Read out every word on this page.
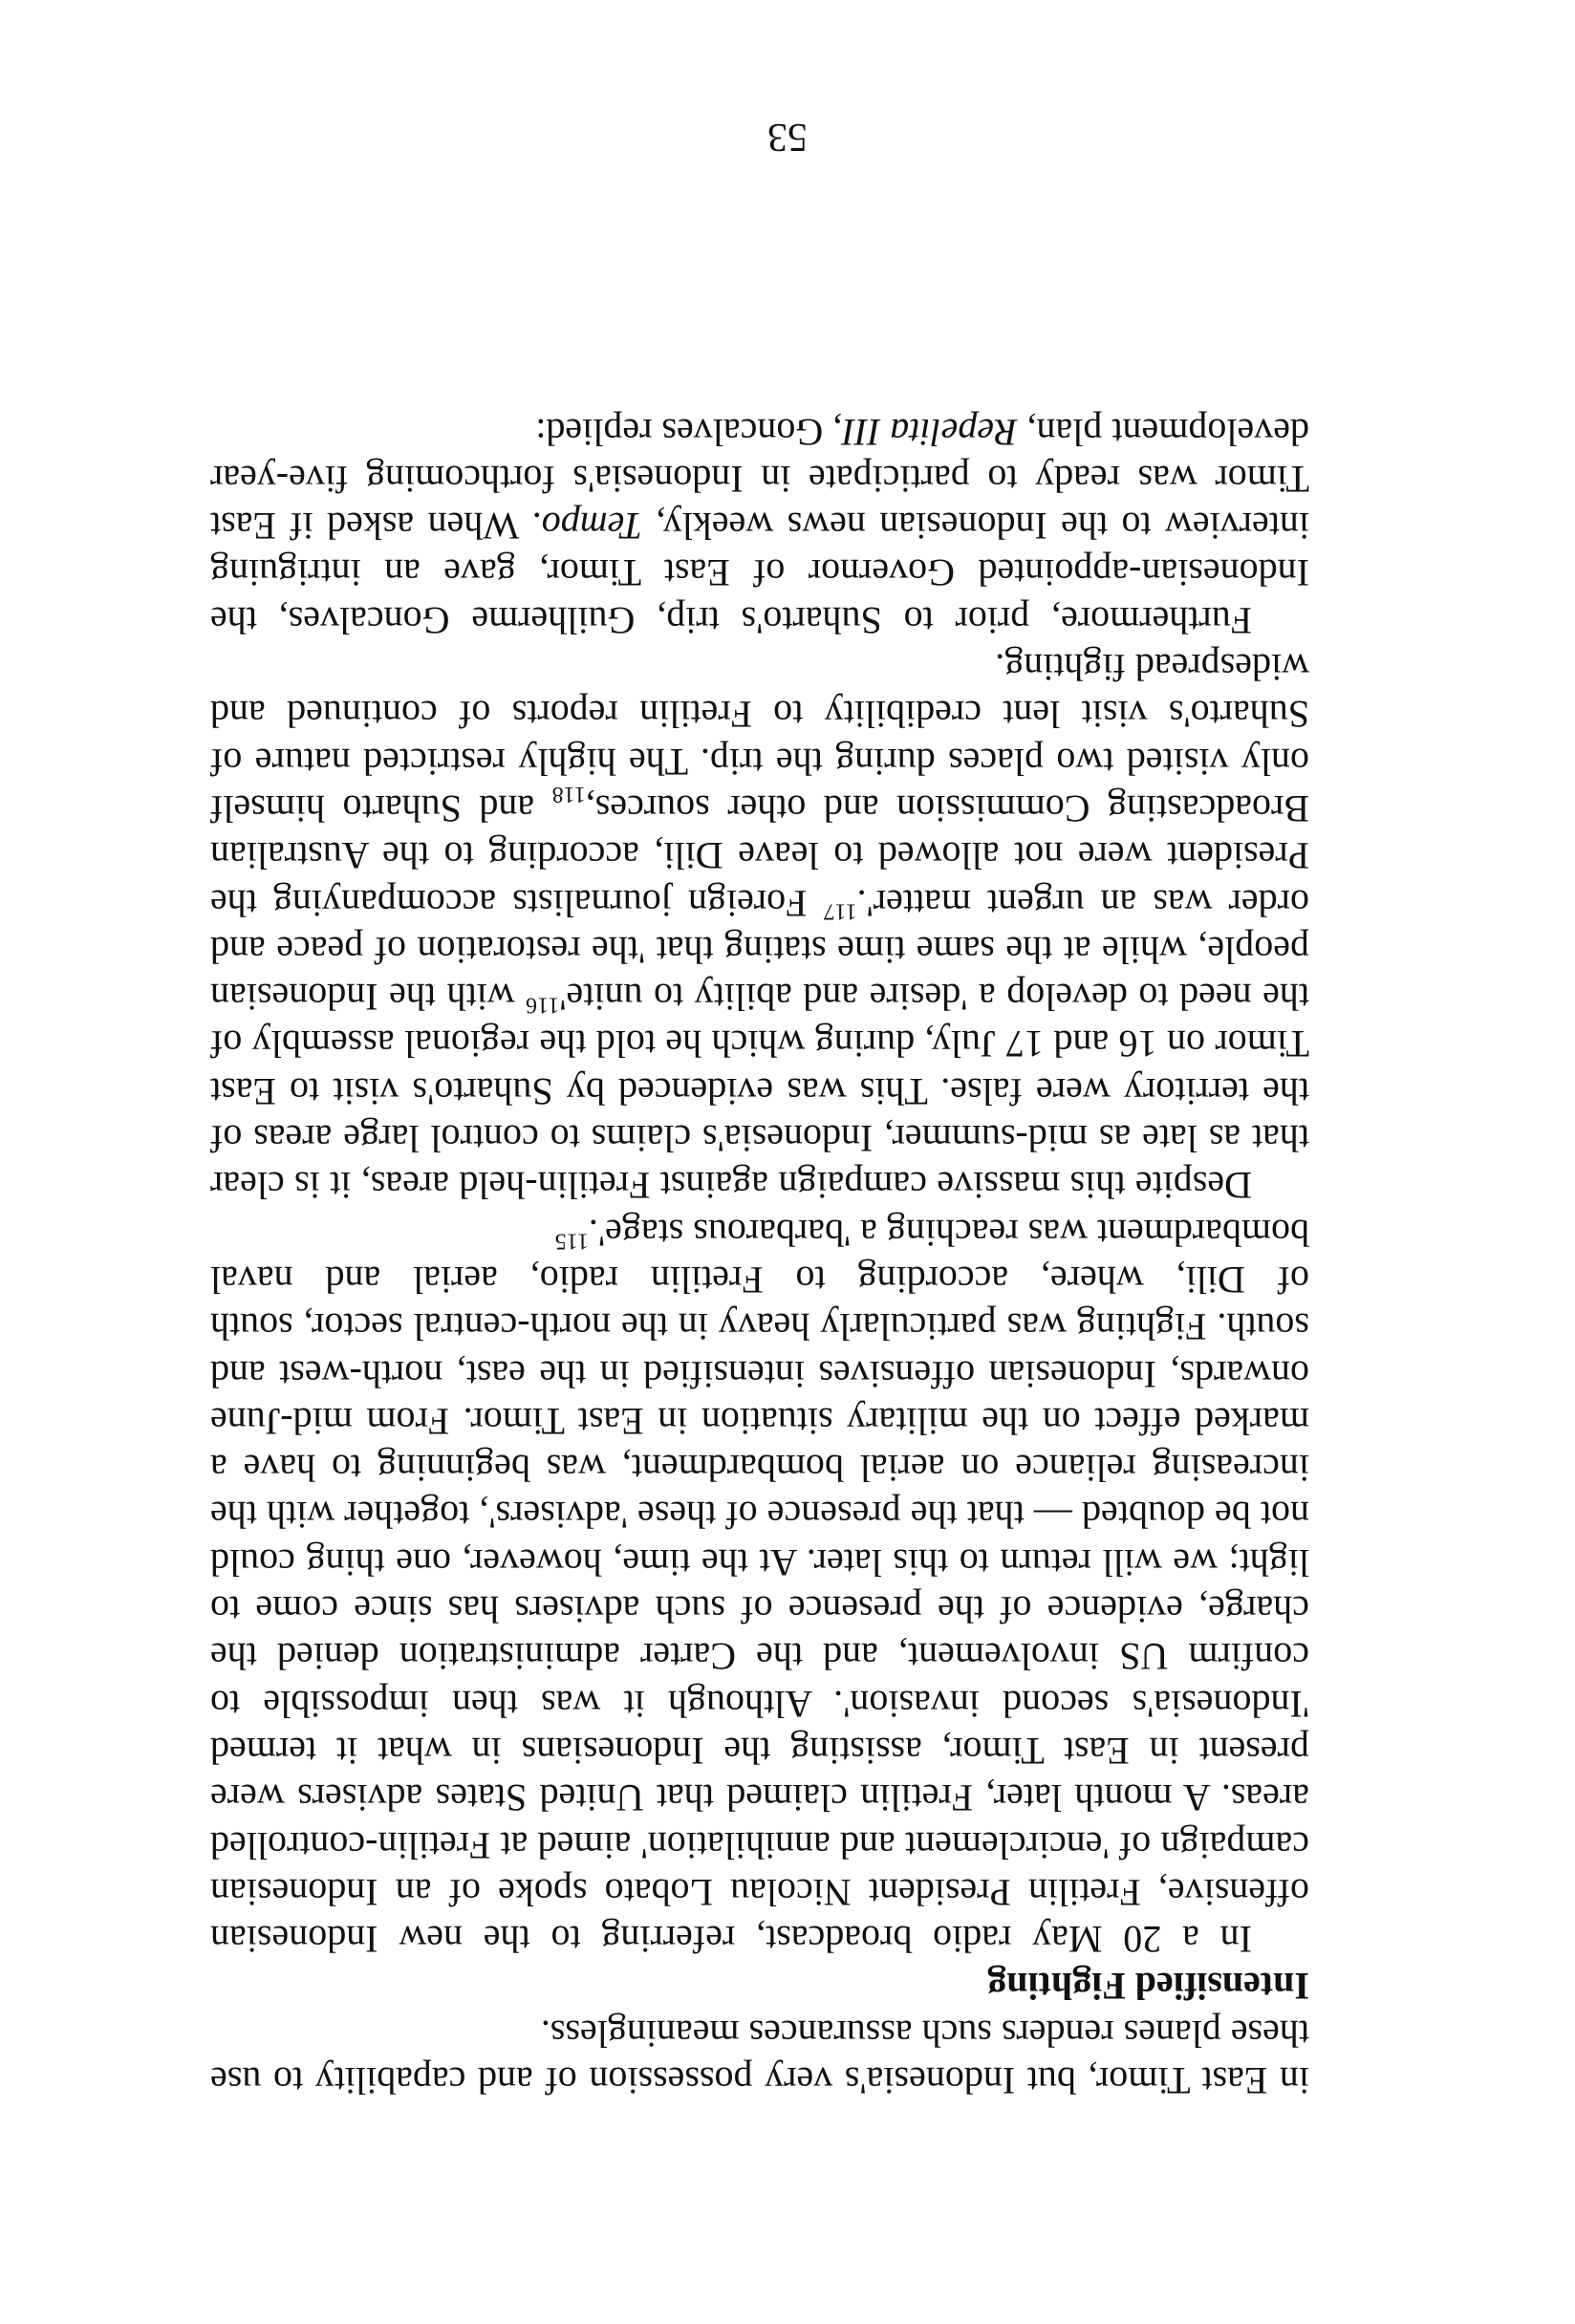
in East Timor, but Indonesia's very possession of and capability to use these planes renders such assurances meaningless.

Intensified Fighting

In a 20 May radio broadcast, referring to the new Indonesian offensive, Fretilin President Nicolau Lobato spoke of an Indonesian campaign of 'encirclement and annihilation' aimed at Fretilin-controlled areas. A month later, Fretilin claimed that United States advisers were present in East Timor, assisting the Indonesians in what it termed 'Indonesia's second invasion'. Although it was then impossible to confirm US involvement, and the Carter administration denied the charge, evidence of the presence of such advisers has since come to light; we will return to this later. At the time, however, one thing could not be doubted — that the presence of these 'advisers', together with the increasing reliance on aerial bombardment, was beginning to have a marked effect on the military situation in East Timor. From mid-June onwards, Indonesian offensives intensified in the east, north-west and south. Fighting was particularly heavy in the north-central sector, south of Dili, where, according to Fretilin radio, aerial and naval bombardment was reaching a 'barbarous stage'.$^{115}$

Despite this massive campaign against Fretilin-held areas, it is clear that as late as mid-summer, Indonesia's claims to control large areas of the territory were false. This was evidenced by Suharto's visit to East Timor on 16 and 17 July, during which he told the regional assembly of the need to develop a 'desire and ability to $unite'^{116}$ with the Indonesian people, while at the same time stating that 'the restoration of peace and order was an urgent matter'.$^{117}$ Foreign journalists accompanying the President were not allowed to leave Dili, according to the Australian Broadcasting Commission and other $sources,_{118}$ and Suharto himself only visited two places during the trip. The highly restricted nature of Suharto's visit lent credibility to Fretilin reports of continued and widespread fighting.

Furthermore, prior to Suharto's trip, Guilherme Goncalves, the Indonesian-appointed Governor of East Timor, gave an intriguing interview to the Indonesian news weekly, Tempo. When asked if East Timor was ready to participate in Indonesia's forthcoming five-year development plan, Repelita III, Goncalves replied:

53
